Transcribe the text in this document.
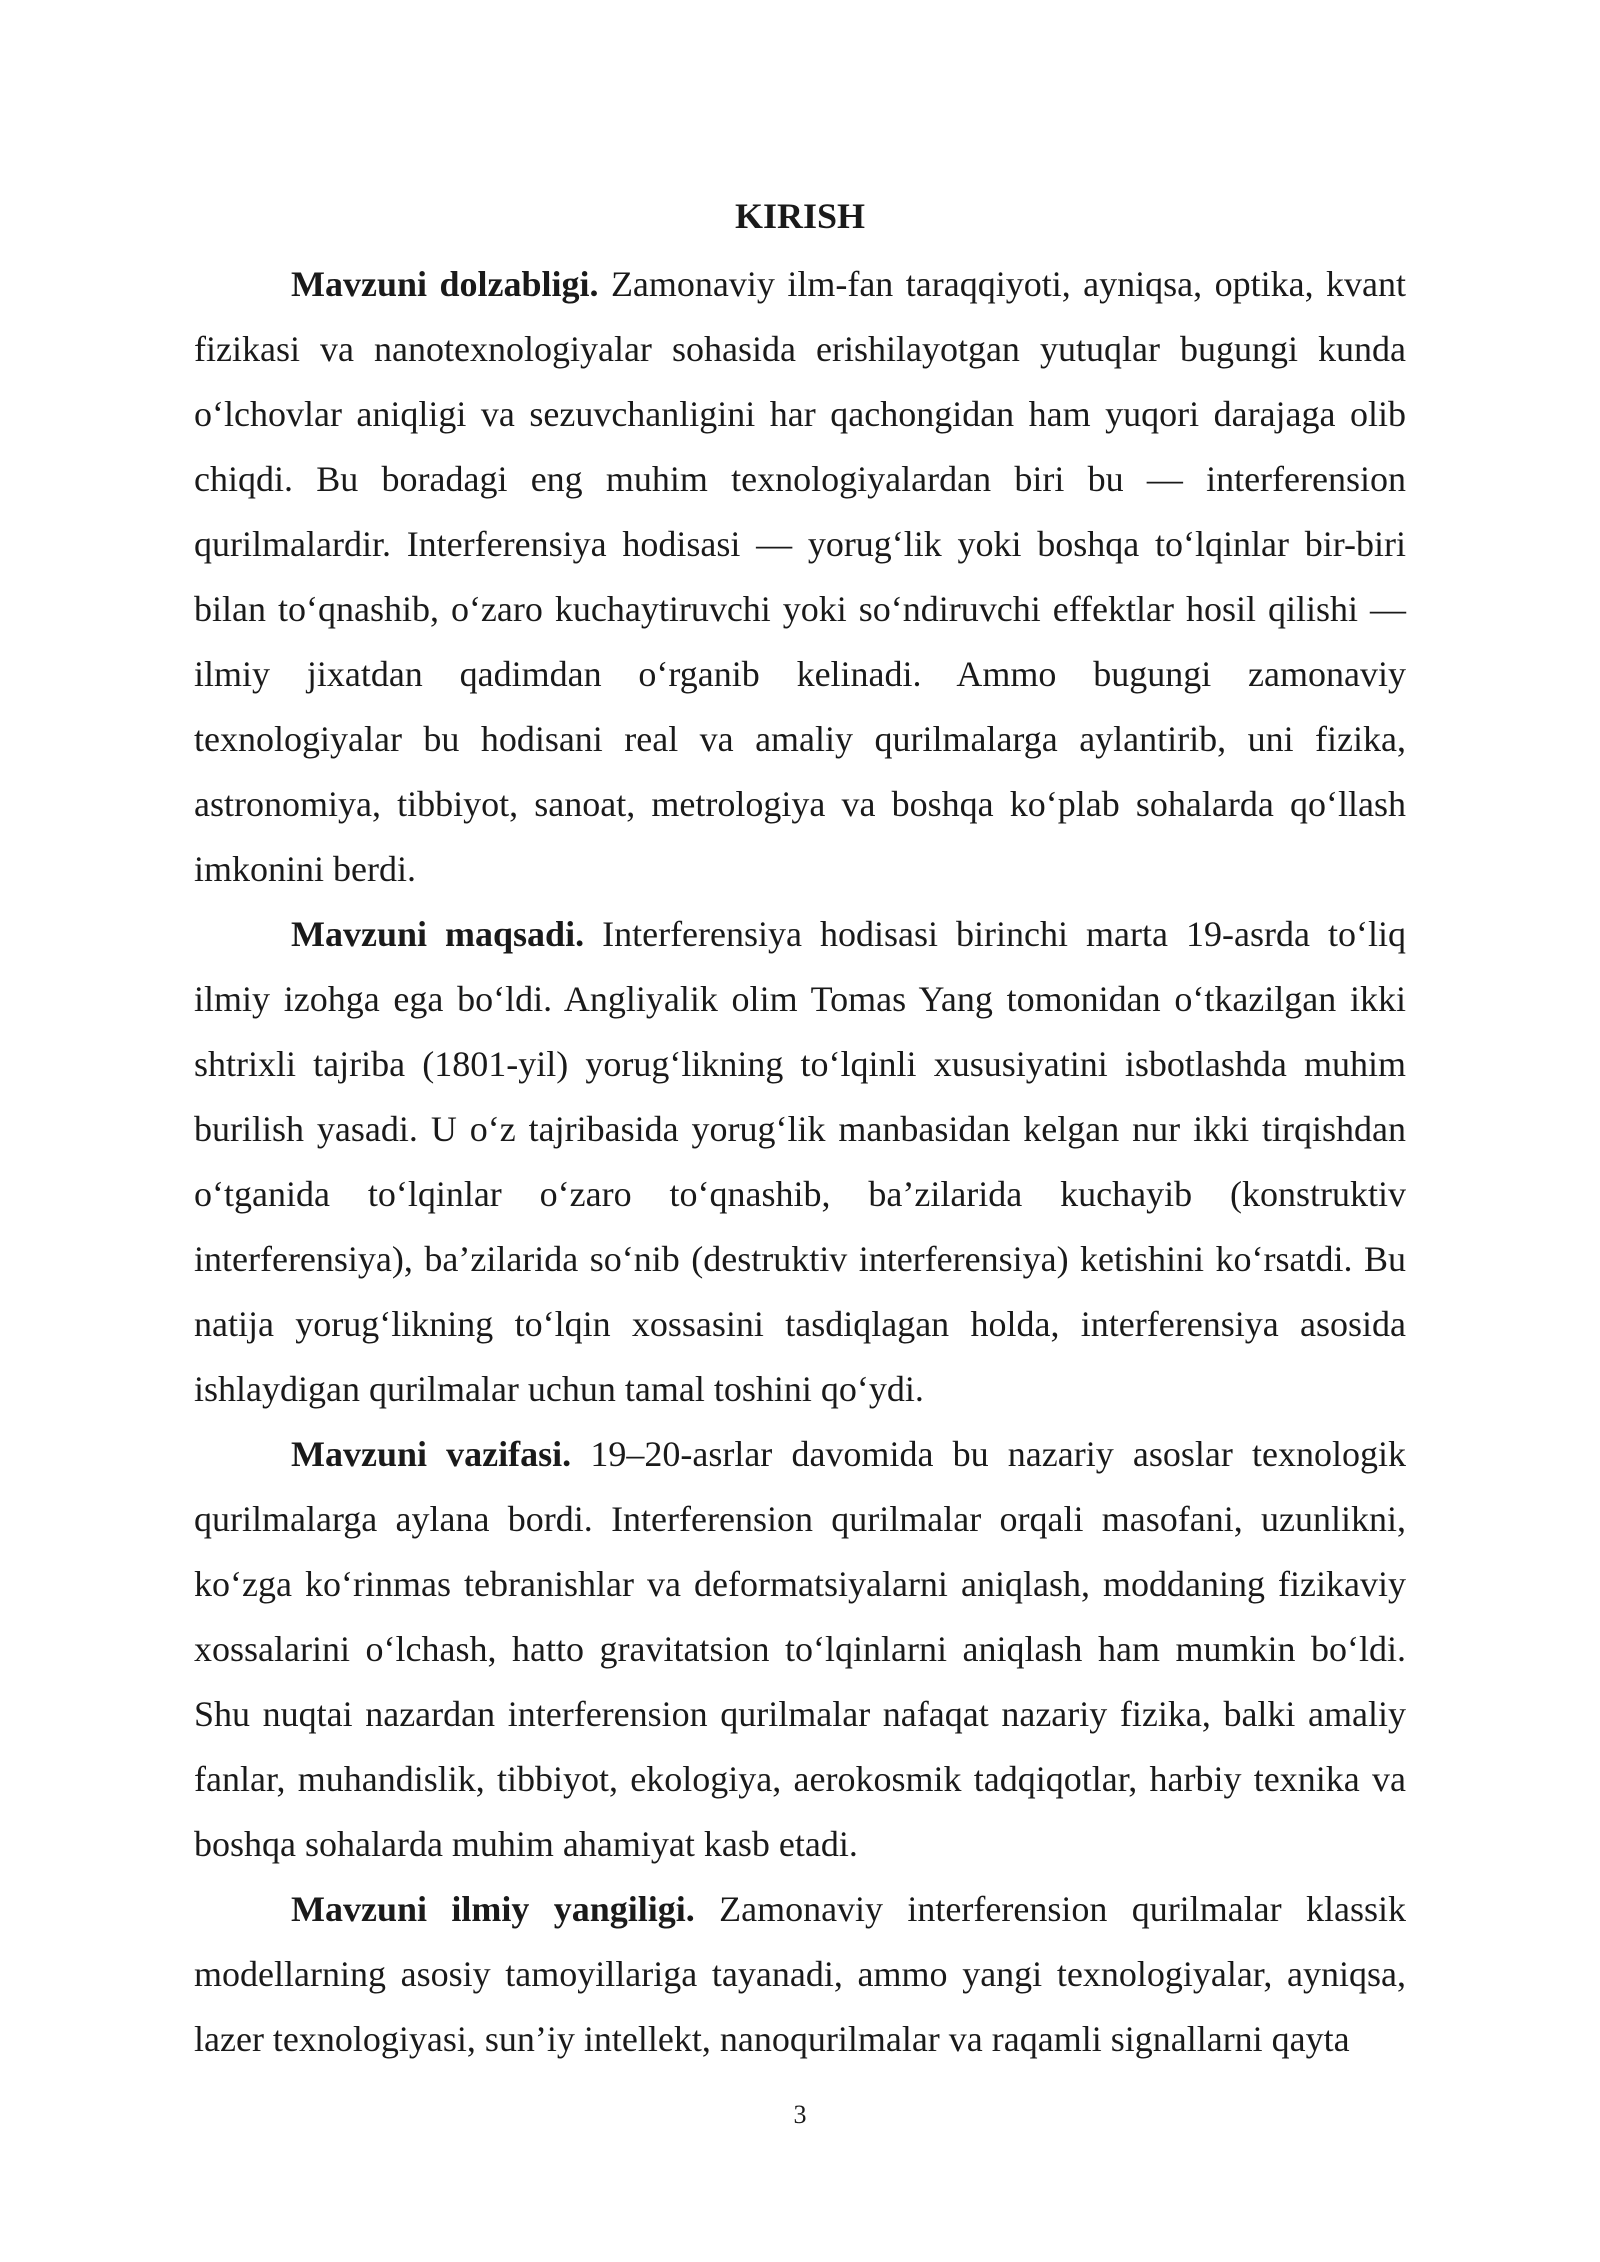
KIRISH

Mavzuni dolzabligi. Zamonaviy ilm-fan taraqqiyoti, ayniqsa, optika, kvant fizikasi va nanotexnologiyalar sohasida erishilayotgan yutuqlar bugungi kunda o‘lchovlar aniqligi va sezuvchanligini har qachongidan ham yuqori darajaga olib chiqdi. Bu boradagi eng muhim texnologiyalardan biri bu — interferension qurilmalardir. Interferensiya hodisasi — yorug‘lik yoki boshqa to‘lqinlar bir-biri bilan to‘qnashib, o‘zaro kuchaytiruvchi yoki so‘ndiruvchi effektlar hosil qilishi — ilmiy jixatdan qadimdan o‘rganib kelinadi. Ammo bugungi zamonaviy texnologiyalar bu hodisani real va amaliy qurilmalarga aylantirib, uni fizika, astronomiya, tibbiyot, sanoat, metrologiya va boshqa ko‘plab sohalarda qo‘llash imkonini berdi.

Mavzuni maqsadi. Interferensiya hodisasi birinchi marta 19-asrda to‘liq ilmiy izohga ega bo‘ldi. Angliyalik olim Tomas Yang tomonidan o‘tkazilgan ikki shtrixli tajriba (1801-yil) yorug‘likning to‘lqinli xususiyatini isbotlashda muhim burilish yasadi. U o‘z tajribasida yorug‘lik manbasidan kelgan nur ikki tirqishdan o‘tganida to‘lqinlar o‘zaro to‘qnashib, ba’zilarida kuchayib (konstruktiv interferensiya), ba’zilarida so‘nib (destruktiv interferensiya) ketishini ko‘rsatdi. Bu natija yorug‘likning to‘lqin xossasini tasdiqlagan holda, interferensiya asosida ishlaydigan qurilmalar uchun tamal toshini qo‘ydi.

Mavzuni vazifasi. 19–20-asrlar davomida bu nazariy asoslar texnologik qurilmalarga aylana bordi. Interferension qurilmalar orqali masofani, uzunlikni, ko‘zga ko‘rinmas tebranishlar va deformatsiyalarni aniqlash, moddaning fizikaviy xossalarini o‘lchash, hatto gravitatsion to‘lqinlarni aniqlash ham mumkin bo‘ldi. Shu nuqtai nazardan interferension qurilmalar nafaqat nazariy fizika, balki amaliy fanlar, muhandislik, tibbiyot, ekologiya, aerokosmik tadqiqotlar, harbiy texnika va boshqa sohalarda muhim ahamiyat kasb etadi.

Mavzuni ilmiy yangiligi. Zamonaviy interferension qurilmalar klassik modellarning asosiy tamoyillariga tayanadi, ammo yangi texnologiyalar, ayniqsa, lazer texnologiyasi, sun’iy intellekt, nanoqurilmalar va raqamli signallarni qayta

3
